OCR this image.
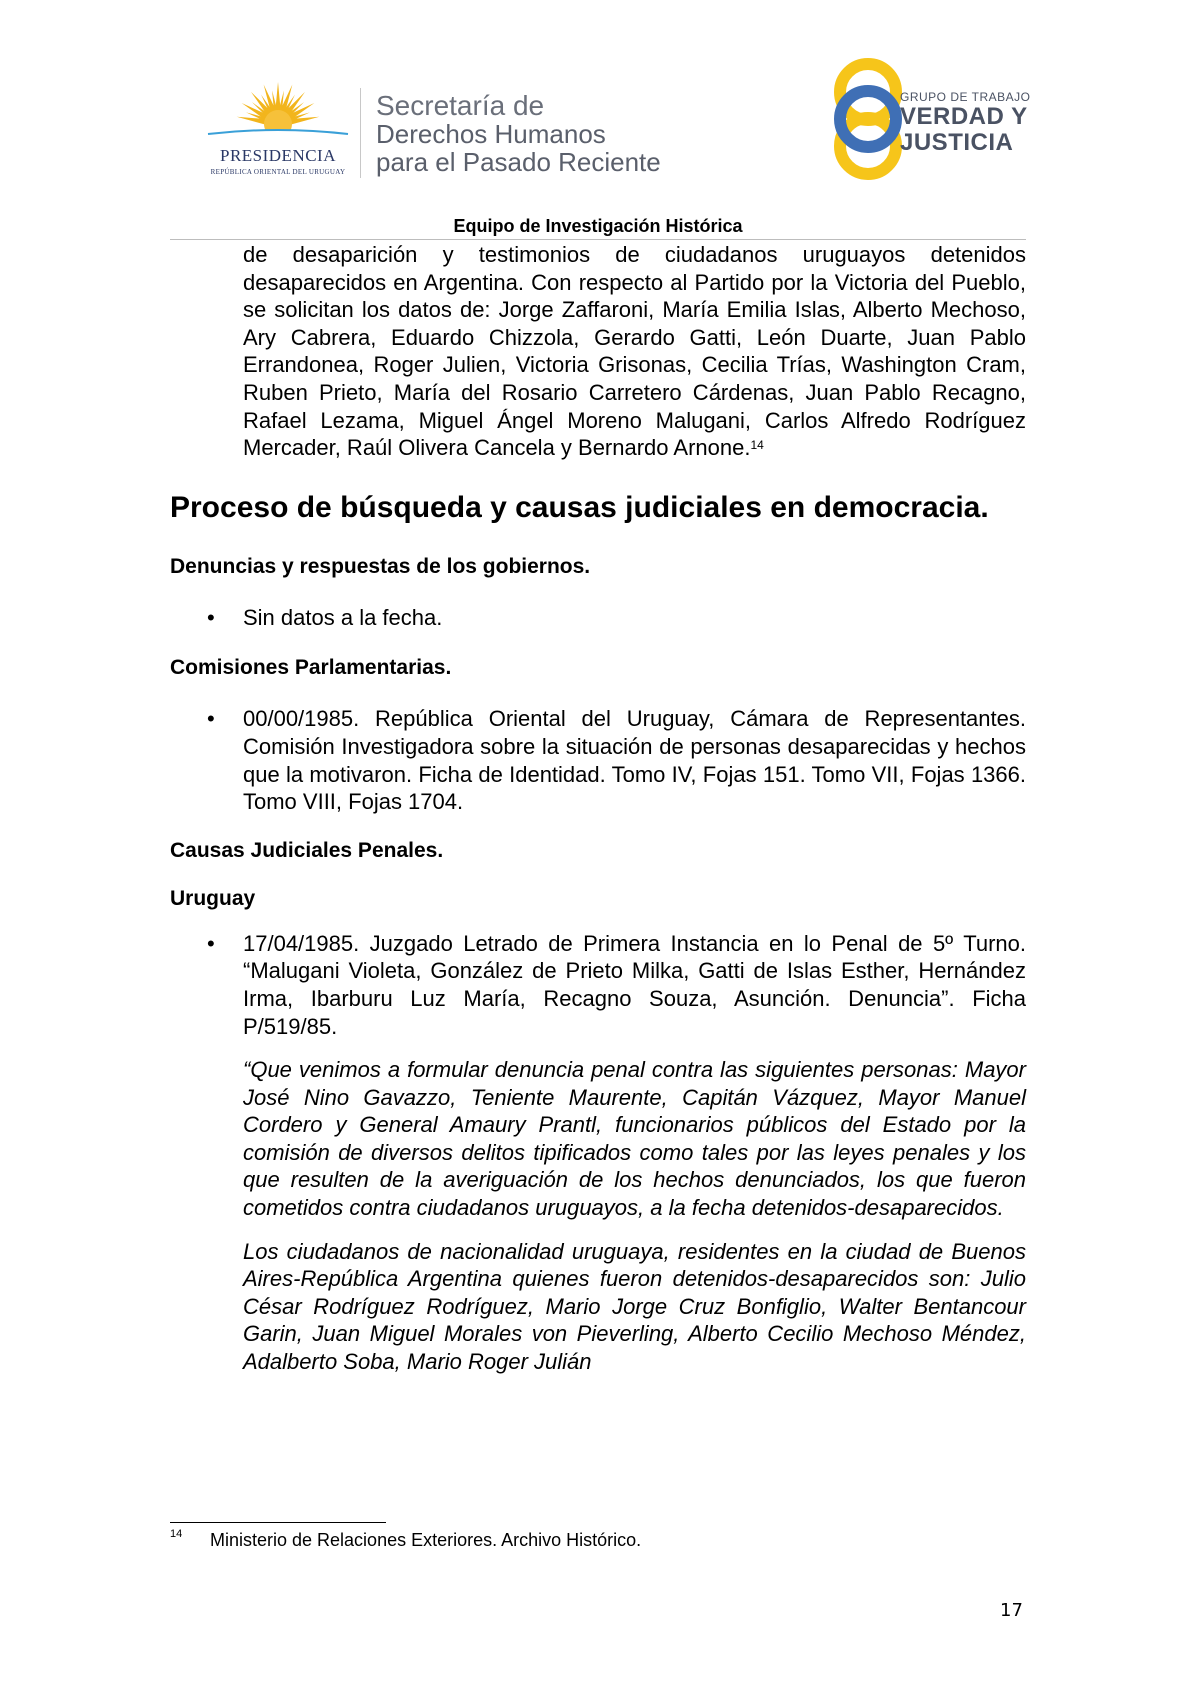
PRESIDENCIA
REPÚBLICA ORIENTAL DEL URUGUAY
Secretaría de
Derechos Humanos
para el Pasado Reciente
GRUPO DE TRABAJO
VERDAD Y
JUSTICIA
Equipo de Investigación Histórica

de desaparición y testimonios de ciudadanos uruguayos detenidos desaparecidos en Argentina. Con respecto al Partido por la Victoria del Pueblo, se solicitan los datos de: Jorge Zaffaroni, María Emilia Islas, Alberto Mechoso, Ary Cabrera, Eduardo Chizzola, Gerardo Gatti, León Duarte, Juan Pablo Errandonea, Roger Julien, Victoria Grisonas, Cecilia Trías, Washington Cram, Ruben Prieto, María del Rosario Carretero Cárdenas, Juan Pablo Recagno, Rafael Lezama, Miguel Ángel Moreno Malugani, Carlos Alfredo Rodríguez Mercader, Raúl Olivera Cancela y Bernardo Arnone.$^{14}$

Proceso de búsqueda y causas judiciales en democracia.
Denuncias y respuestas de los gobiernos.
• Sin datos a la fecha.
Comisiones Parlamentarias.
• 00/00/1985. República Oriental del Uruguay, Cámara de Representantes. Comisión Investigadora sobre la situación de personas desaparecidas y hechos que la motivaron. Ficha de Identidad. Tomo IV, Fojas 151. Tomo VII, Fojas 1366. Tomo VIII, Fojas 1704.
Causas Judiciales Penales.
Uruguay
• 17/04/1985. Juzgado Letrado de Primera Instancia en lo Penal de 5º Turno. “Malugani Violeta, González de Prieto Milka, Gatti de Islas Esther, Hernández Irma, Ibarburu Luz María, Recagno Souza, Asunción. Denuncia”. Ficha P/519/85.

“Que venimos a formular denuncia penal contra las siguientes personas: Mayor José Nino Gavazzo, Teniente Maurente, Capitán Vázquez, Mayor Manuel Cordero y General Amaury Prantl, funcionarios públicos del Estado por la comisión de diversos delitos tipificados como tales por las leyes penales y los que resulten de la averiguación de los hechos denunciados, los que fueron cometidos contra ciudadanos uruguayos, a la fecha detenidos-desaparecidos.

Los ciudadanos de nacionalidad uruguaya, residentes en la ciudad de Buenos Aires-República Argentina quienes fueron detenidos-desaparecidos son: Julio César Rodríguez Rodríguez, Mario Jorge Cruz Bonfiglio, Walter Bentancour Garin, Juan Miguel Morales von Pieverling, Alberto Cecilio Mechoso Méndez, Adalberto Soba, Mario Roger Julián

14 Ministerio de Relaciones Exteriores. Archivo Histórico.
17
